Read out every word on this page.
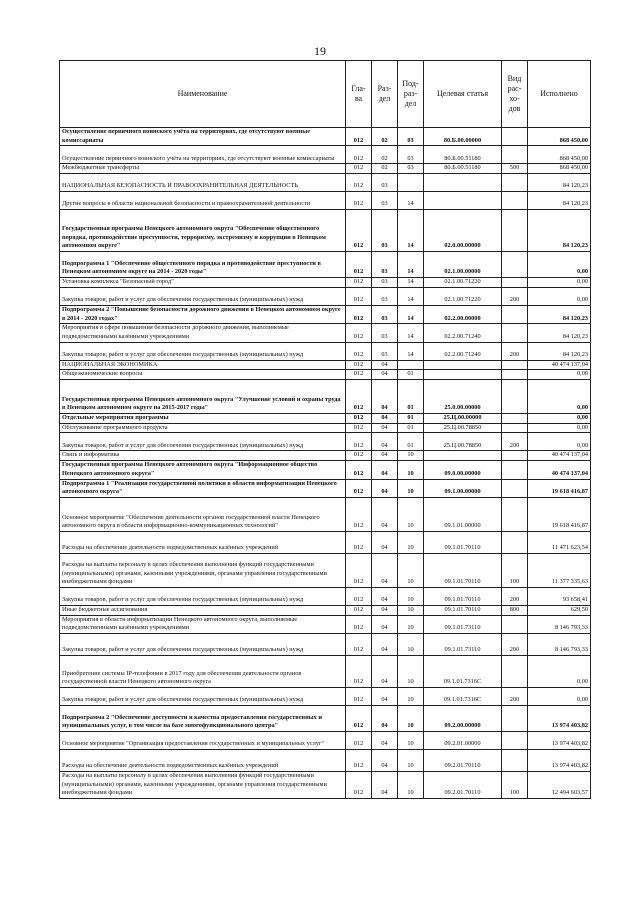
19
Наименование	Гла-ва	Раз-дел	Под-раз-дел	Целевая статья	Вид рас-хо-дов	Исполнено
Осуществление первичного воинского учёта на территориях, где отсутствуют военные комиссариаты	012	02	03	80.Б.00.00000		868 450,00
Осуществление первичного воинского учёта на территориях, где отсутствуют военные комиссариаты	012	02	03	80.Б.00.51180		868 450,00
Межбюджетные трансферты	012	02	03	80.Б.00.51180	500	868 450,00
НАЦИОНАЛЬНАЯ БЕЗОПАСНОСТЬ И ПРАВООХРАНИТЕЛЬНАЯ ДЕЯТЕЛЬНОСТЬ	012	03				84 120,23
Другие вопросы в области национальной безопасности и правоохранительной деятельности	012	03	14			84 120,23
Государственная программа Ненецкого автономного округа "Обеспечение общественного порядка, противодействие преступности, терроризму, экстремизму и коррупции в Ненецком автономном округе"	012	03	14	02.0.00.00000		84 120,23
Подпрограмма 1 "Обеспечение общественного порядка и противодействие преступности в Ненецком автономном округе на 2014 - 2020 годы"	012	03	14	02.1.00.00000		0,00
Установка комплекса "Безопасный город"	012	03	14	02.1.00.71220		0,00
Закупка товаров, работ и услуг для обеспечения государственных (муниципальных) нужд	012	03	14	02.1.00.71220	200	0,00
Подпрограмма 2 "Повышение безопасности дорожного движения в Ненецком автономном округе в 2014 - 2020 годах"	012	03	14	02.2.00.00000		84 120,23
Мероприятия в сфере повышения безопасности дорожного движения, выполняемые подведомственными казёнными учреждениями	012	03	14	02.2.00.71240		84 120,23
Закупка товаров, работ и услуг для обеспечения государственных (муниципальных) нужд	012	03	14	02.2.00.71240	200	84 120,23
НАЦИОНАЛЬНАЯ ЭКОНОМИКА	012	04				40 474 137,04
Общеэкономические вопросы	012	04	01			0,00
Государственная программа Ненецкого автономного округа "Улучшение условий и охраны труда в Ненецком автономном округе на 2015-2017 годы"	012	04	01	25.0.00.00000		0,00
Отдельные мероприятия программы	012	04	01	25.Ц.00.00000		0,00
Обслуживание программного продукта	012	04	01	25.Ц.00.78850		0,00
Закупка товаров, работ и услуг для обеспечения государственных (муниципальных) нужд	012	04	01	25.Ц.00.78850	200	0,00
Связь и информатика	012	04	10			40 474 137,04
Государственная программа Ненецкого автономного округа "Информационное общество Ненецкого автономного округа"	012	04	10	09.0.00.00000		40 474 137,04
Подпрограмма 1 "Реализация государственной политики в области информатизации Ненецкого автономного округа"	012	04	10	09.1.00.00000		19 618 416,87
Основное мероприятие "Обеспечение деятельности органов государственной власти Ненецкого автономного округа в области информационно-коммуникационных технологий"	012	04	10	09.1.01.00000		19 618 416,87
Расходы на обеспечение деятельности подведомственных казённых учреждений	012	04	10	09.1.01.70110		11 471 623,54
Расходы на выплаты персоналу в целях обеспечения выполнения функций государственными (муниципальными) органами, казенными учреждениями, органами управления государственными внебюджетными фондами	012	04	10	09.1.01.70110	100	11 377 335,63
Закупка товаров, работ и услуг для обеспечения государственных (муниципальных) нужд	012	04	10	09.1.01.70110	200	93 658,41
Иные бюджетные ассигнования	012	04	10	09.1.01.70110	800	629,50
Мероприятия в области информатизации Ненецкого автономного округа, выполняемые подведомственными казёнными учреждениями	012	04	10	09.1.01.73110		8 146 793,33
Закупка товаров, работ и услуг для обеспечения государственных (муниципальных) нужд	012	04	10	09.1.01.73110	200	8 146 793,33
Приобретение системы IP-телефонии в 2017 году для обеспечения деятельности органов государственной власти Ненецкого автономного округа	012	04	10	09.1.01.7316С		0,00
Закупка товаров, работ и услуг для обеспечения государственных (муниципальных) нужд	012	04	10	09.1.01.7316С	200	0,00
Подпрограмма 2 "Обеспечение доступности и качества предоставления государственных и муниципальных услуг, в том числе на базе многофункционального центра"	012	04	10	09.2.00.00000		13 974 403,82
Основное мероприятие "Организация предоставления государственных и муниципальных услуг"	012	04	10	09.2.01.00000		13 974 403,82
Расходы на обеспечение деятельности подведомственных казённых учреждений	012	04	10	09.2.01.70110		13 974 403,82
Расходы на выплаты персоналу в целях обеспечения выполнения функций государственными (муниципальными) органами, казенными учреждениями, органами управления государственными внебюджетными фондами	012	04	10	09.2.01.70110	100	12 494 603,57
